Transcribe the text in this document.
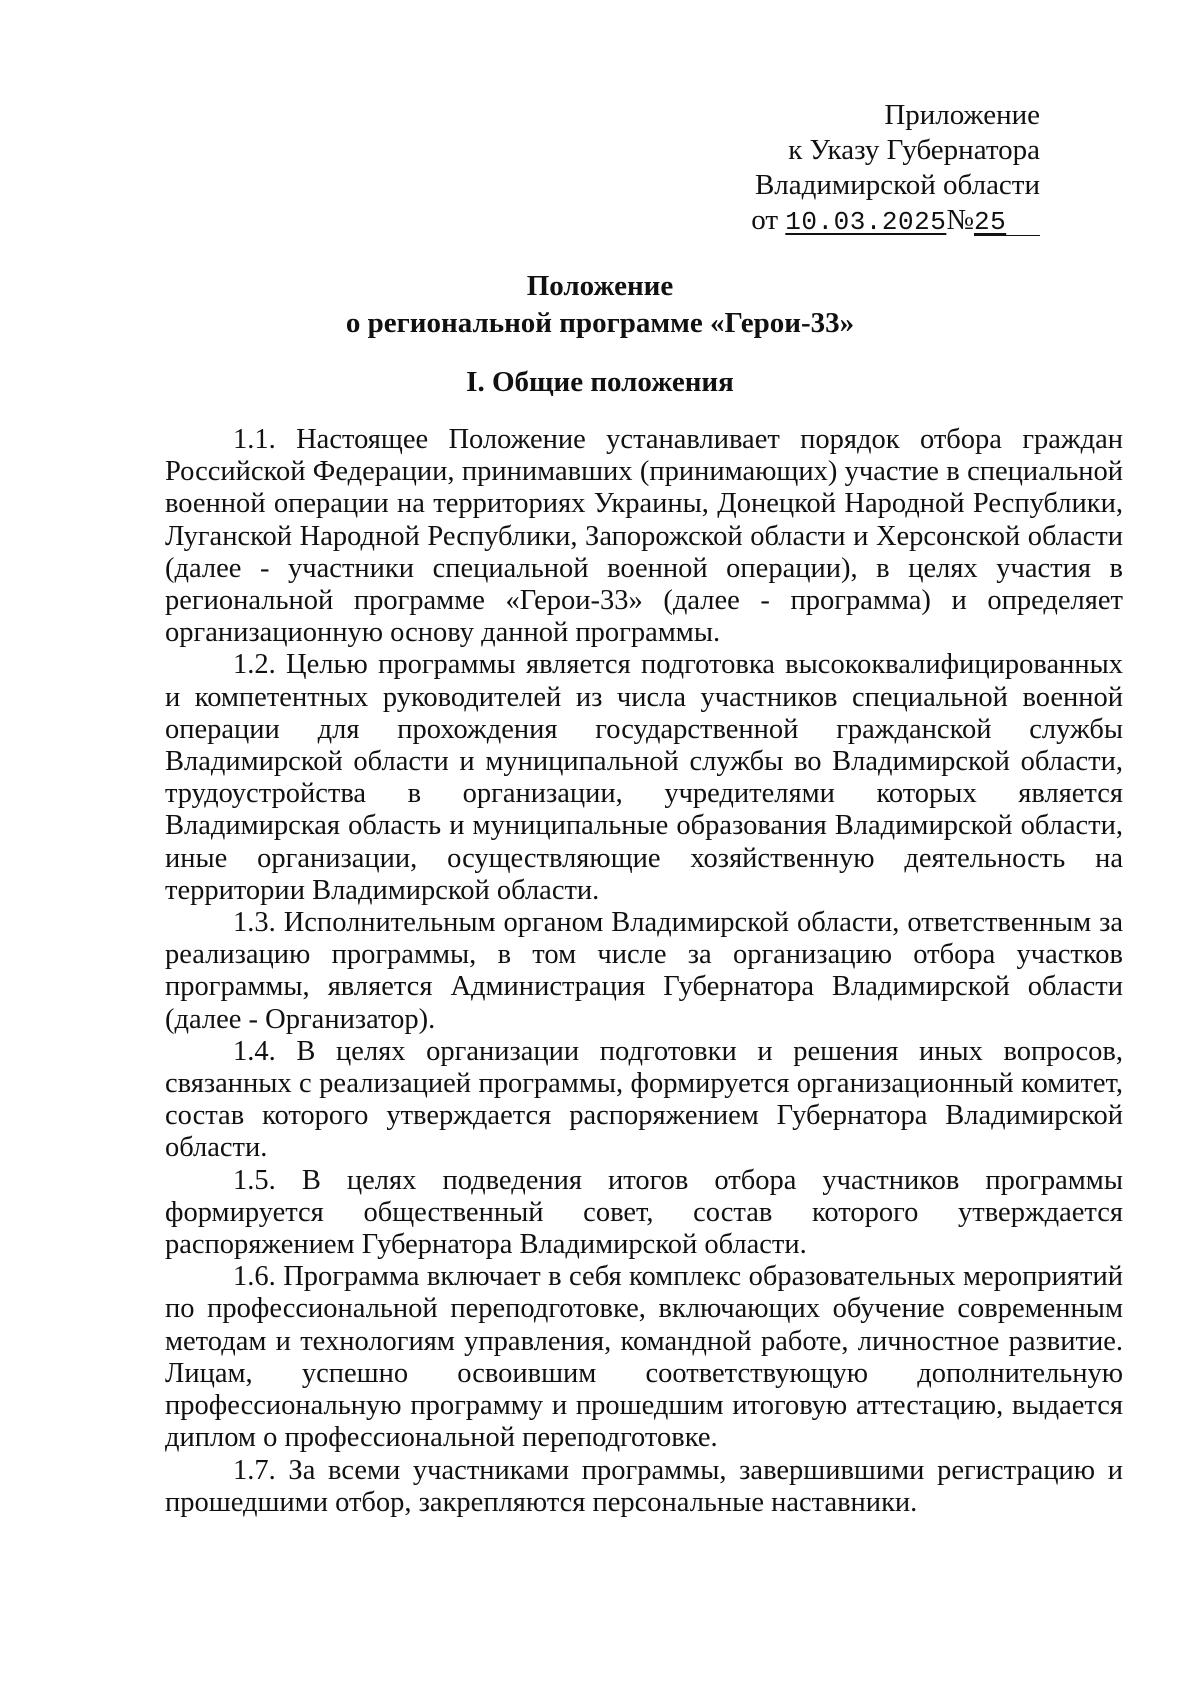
Приложение
к Указу Губернатора
Владимирской области
от 10.03.2025№25
Положение
о региональной программе «Герои-33»
I. Общие положения

1.1. Настоящее Положение устанавливает порядок отбора граждан Российской Федерации, принимавших (принимающих) участие в специальной военной операции на территориях Украины, Донецкой Народной Республики, Луганской Народной Республики, Запорожской области и Херсонской области (далее - участники специальной военной операции), в целях участия в региональной программе «Герои-33» (далее - программа) и определяет организационную основу данной программы.

1.2. Целью программы является подготовка высококвалифицированных и компетентных руководителей из числа участников специальной военной операции для прохождения государственной гражданской службы Владимирской области и муниципальной службы во Владимирской области, трудоустройства в организации, учредителями которых является Владимирская область и муниципальные образования Владимирской области, иные организации, осуществляющие хозяйственную деятельность на территории Владимирской области.

1.3. Исполнительным органом Владимирской области, ответственным за реализацию программы, в том числе за организацию отбора участков программы, является Администрация Губернатора Владимирской области (далее - Организатор).

1.4. В целях организации подготовки и решения иных вопросов, связанных с реализацией программы, формируется организационный комитет, состав которого утверждается распоряжением Губернатора Владимирской области.

1.5. В целях подведения итогов отбора участников программы формируется общественный совет, состав которого утверждается распоряжением Губернатора Владимирской области.

1.6. Программа включает в себя комплекс образовательных мероприятий по профессиональной переподготовке, включающих обучение современным методам и технологиям управления, командной работе, личностное развитие. Лицам, успешно освоившим соответствующую дополнительную профессиональную программу и прошедшим итоговую аттестацию, выдается диплом о профессиональной переподготовке.

1.7. За всеми участниками программы, завершившими регистрацию и прошедшими отбор, закрепляются персональные наставники.
